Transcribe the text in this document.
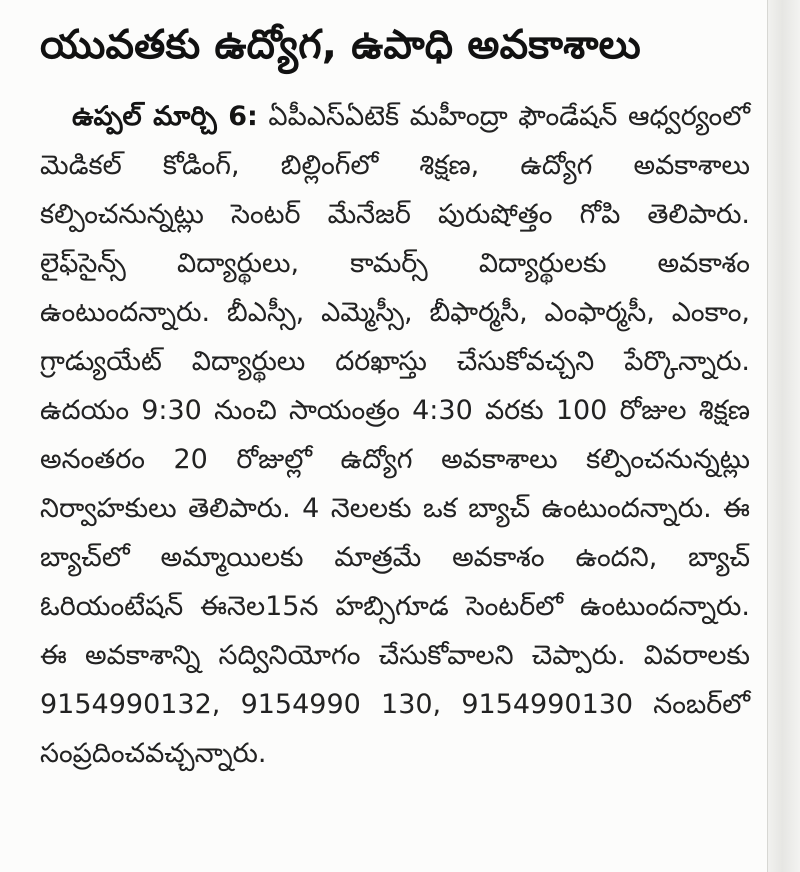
యువతకు ఉద్యోగ, ఉపాధి అవకాశాలు

ఉప్పల్ మార్చి 6: ఏపీఎస్‌ఏటెక్ మహీంద్రా ఫౌండేషన్ ఆధ్వర్యంలో మెడికల్ కోడింగ్, బిల్లింగ్‌లో శిక్షణ, ఉద్యోగ అవకాశాలు కల్పించనున్నట్లు సెంటర్ మేనేజర్ పురుషోత్తం గోపి తెలిపారు. లైఫ్‌సైన్స్ విద్యార్థులు, కామర్స్ విద్యార్థులకు అవకాశం ఉంటుందన్నారు. బీఎస్సీ, ఎమ్మెస్సీ, బీఫార్మసీ, ఎంఫార్మసీ, ఎంకాం, గ్రాడ్యుయేట్ విద్యార్థులు దరఖాస్తు చేసుకోవచ్చని పేర్కొన్నారు. ఉదయం 9:30 నుంచి సాయంత్రం 4:30 వరకు 100 రోజుల శిక్షణ అనంతరం 20 రోజుల్లో ఉద్యోగ అవకాశాలు కల్పించనున్నట్లు నిర్వాహకులు తెలిపారు. 4 నెలలకు ఒక బ్యాచ్ ఉంటుందన్నారు. ఈ బ్యాచ్‌లో అమ్మాయిలకు మాత్రమే అవకాశం ఉందని, బ్యాచ్ ఓరియంటేషన్ ఈనెల15న హబ్సిగూడ సెంటర్‌లో ఉంటుందన్నారు. ఈ అవకాశాన్ని సద్వినియోగం చేసుకోవాలని చెప్పారు. వివరాలకు 9154990132, 9154990 130, 9154990130 నంబర్‌లో సంప్రదించవచ్చన్నారు.
